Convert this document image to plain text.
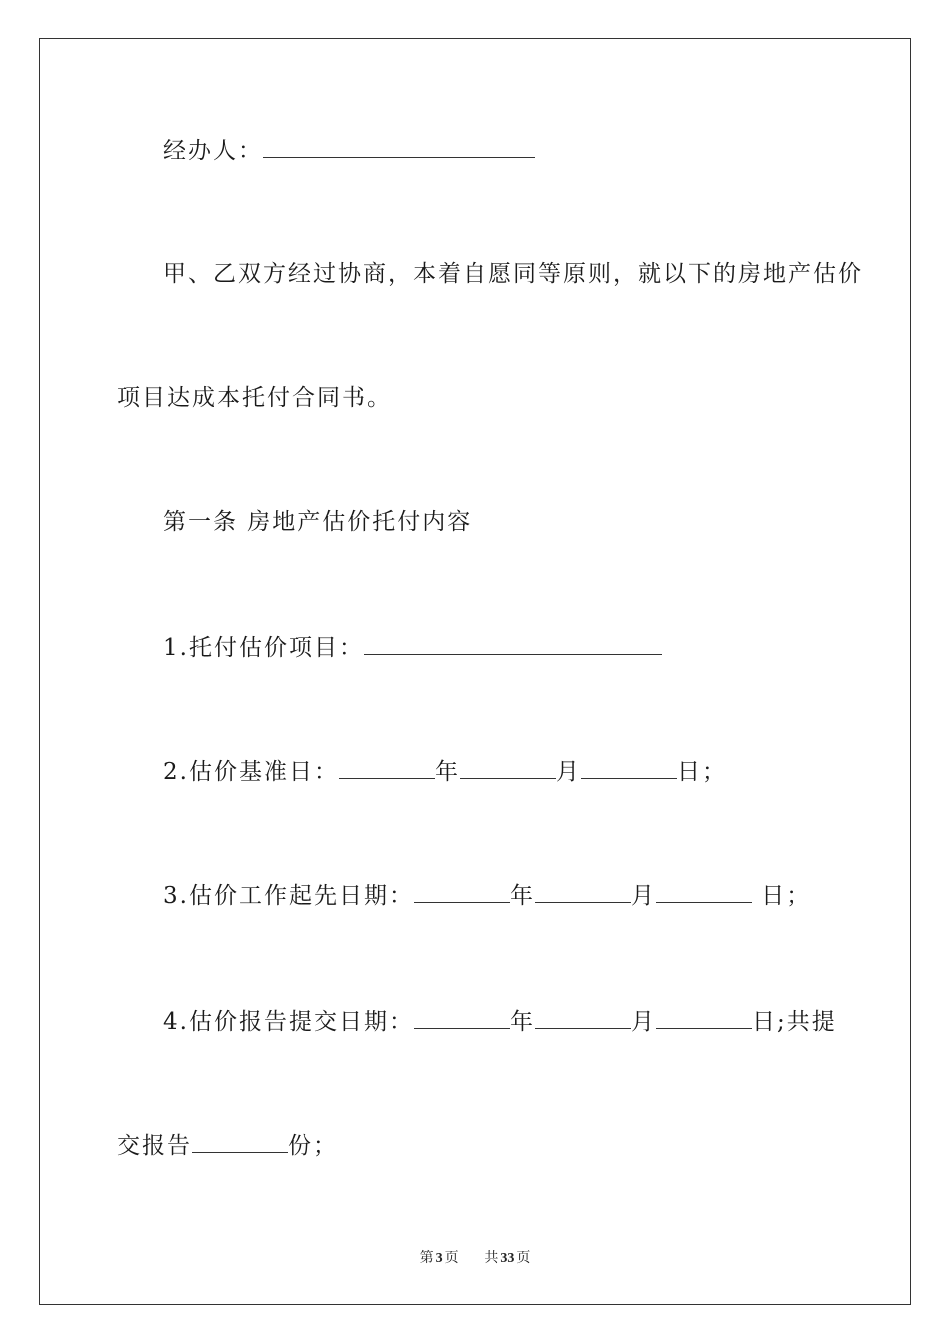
经办人：
甲、乙双方经过协商，本着自愿同等原则，就以下的房地产估价
项目达成本托付合同书。
第一条 房地产估价托付内容
1.托付估价项目：
2.估价基准日：	年	月	日；
3.估价工作起先日期：	年	月	日；
4.估价报告提交日期：	年	月	日;共提
交报告	份；
第 3 页 共 33 页
